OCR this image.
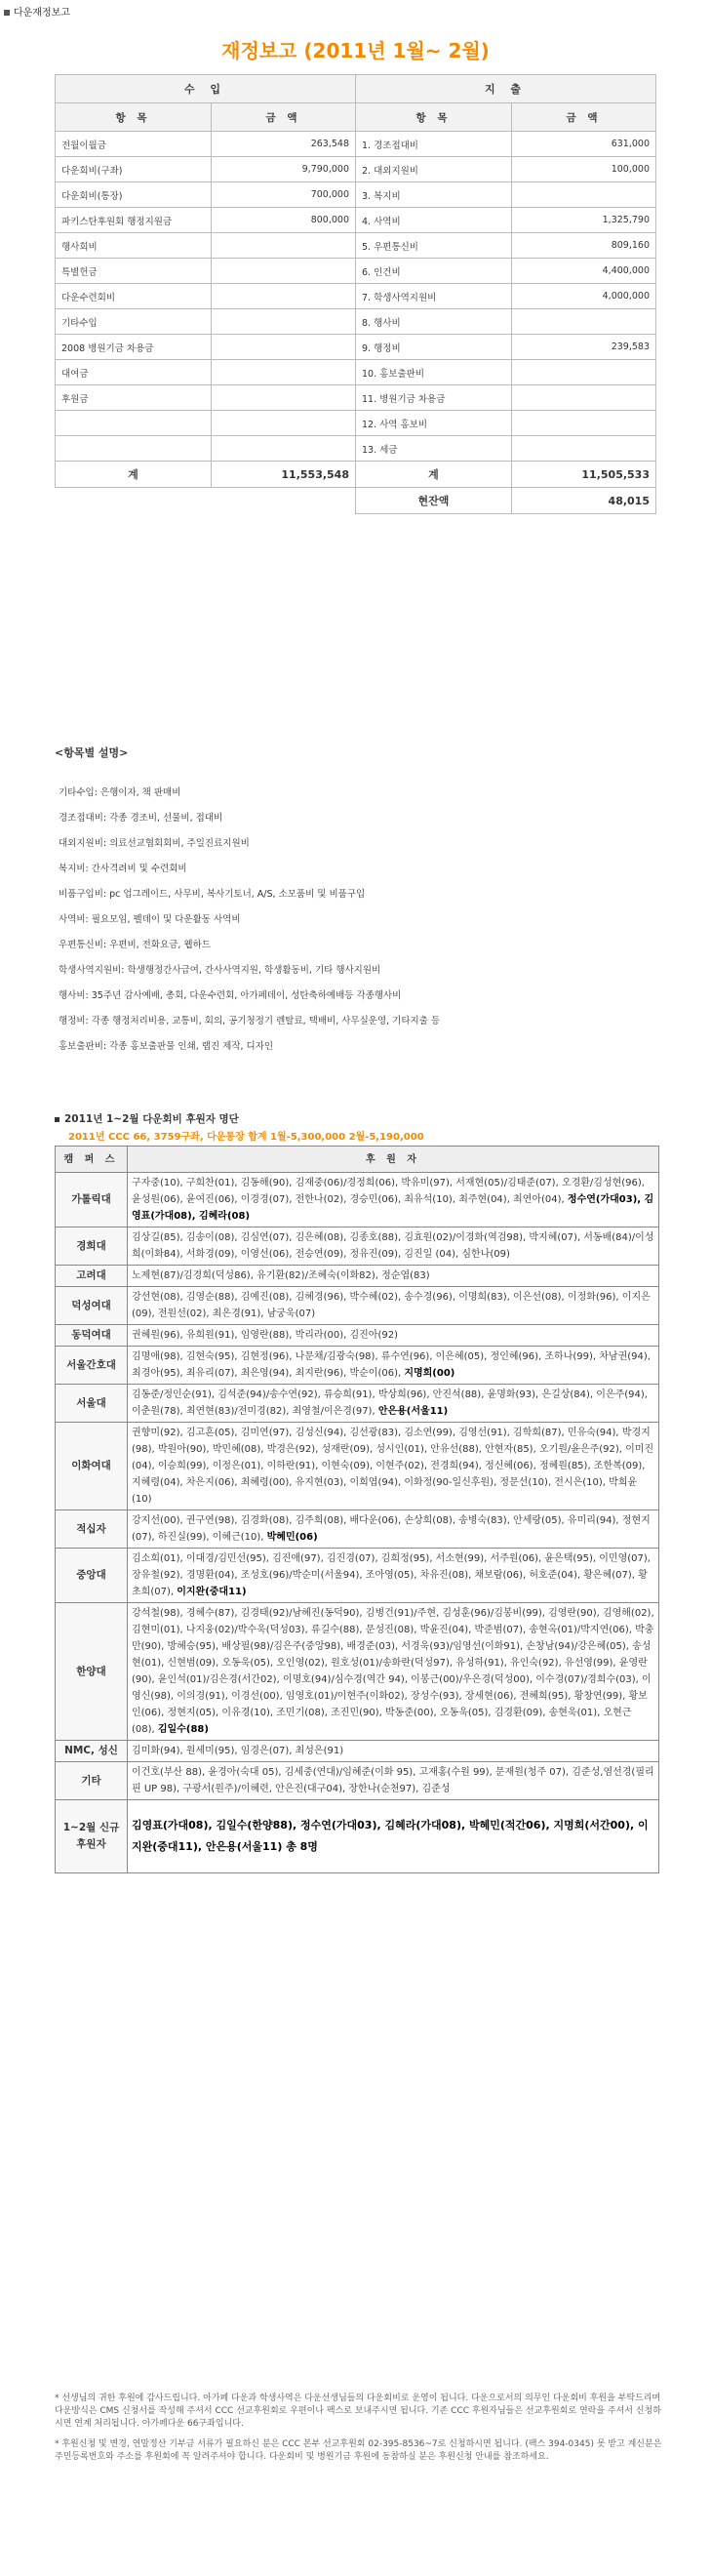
다운재정보고
재정보고 (2011년 1월~ 2월)
수 입		지 출	
항 목	금 액	항 목	금 액
전월이월금	263,548	1. 경조접대비	631,000
다운회비(구좌)	9,790,000	2. 대외지원비	100,000
다운회비(통장)	700,000	3. 복지비	
파키스탄후원회 행정지원금	800,000	4. 사역비	1,325,790
행사회비		5. 우편통신비	809,160
특별헌금		6. 인건비	4,400,000
다운수련회비		7. 학생사역지원비	4,000,000
기타수입		8. 행사비	
2008 병원기금 차용금		9. 행정비	239,583
대여금		10. 홍보출판비	
후원금		11. 병원기금 차용금	
		12. 사역 홍보비	
		13. 세금	
계	11,553,548	계	11,505,533
		현잔액	48,015
<항목별 설명>
기타수입: 은행이자, 책 판매비
경조접대비: 각종 경조비, 선물비, 접대비
대외지원비: 의료선교협회회비, 주일진료지원비
복지비: 간사격려비 및 수련회비
비품구입비: pc 업그레이드, 사무비, 복사기토너, A/S, 소모품비 및 비품구입
사역비: 필요모임, 펠데이 및 다운활동 사역비
우편통신비: 우편비, 전화요금, 웹하드
학생사역지원비: 학생행정간사급여, 간사사역지원, 학생활동비, 기타 행사지원비
행사비: 35주년 감사예배, 총회, 다운수련회, 아가페데이, 성탄축하예배등 각종행사비
행정비: 각종 행정처리비용, 교통비, 회의, 공기청정기 렌탈료, 택배비, 사무실운영, 기타지출 등
홍보출판비: 각종 홍보출판물 인쇄, 랩진 제작, 디자인
2011년 1~2월 다운회비 후원자 명단
2011년 CCC 66, 3759구좌, 다운통장 합계 1월-5,300,000 2월-5,190,000
캠 퍼 스	후 원 자
가톨릭대	구자중(10), 구희찬(01), 김동해(90), 김재중(06)/경정희(06), 박유미(97), 서재현(05)/김태준(07), 오경환/김성현(96), 윤성원(06), 윤여진(06), 이경경(07), 전한나(02), 경승민(06), 최유석(10), 최주현(04), 최연아(04), 정수연(가대03), 김영표(가대08), 김혜라(08)
경희대	김상길(85), 김송이(08), 김심연(07), 김은혜(08), 김종호(88), 김효원(02)/이경화(역검98), 박지혜(07), 서동배(84)/이성희(이화84), 서화경(09), 이영선(06), 전승연(09), 정유진(09), 김진일 (04), 심한나(09)
고려대	노제현(87)/김경희(덕성86), 유기환(82)/조혜숙(이화82), 정순엽(83)
덕성여대	강선현(08), 김영순(88), 김예진(08), 김혜경(96), 박수혜(02), 송수경(96), 이명희(83), 이은선(08), 이정화(96), 이지은(09), 전원선(02), 최은경(91), 남궁욱(07)
동덕여대	권혜원(96), 유희원(91), 임영란(88), 박리라(00), 김진아(92)
서울간호대	김명애(98), 김현숙(95), 김현정(96), 나문채/김광숙(98), 류수연(96), 이은혜(05), 정인혜(96), 조하나(99), 차남권(94), 최경아(95), 최유리(07), 최은영(94), 최지란(96), 박순이(06), 지명희(00)
서울대	김동준/정인순(91), 김석준(94)/송수연(92), 류승희(91), 박상희(96), 안진석(88), 윤명화(93), 은길상(84), 이은주(94), 이춘원(78), 최연현(83)/전미경(82), 최영철/이은경(97), 안은용(서울11)
이화여대	권향미(92), 김고흔(05), 김미연(97), 김성신(94), 김선광(83), 김소연(99), 김영선(91), 김학희(87), 민유숙(94), 박경지(98), 박원아(90), 박민혜(08), 박경은(92), 성재란(09), 성시인(01), 안유선(88), 안현자(85), 오기원/윤은주(92), 이미진(04), 이승희(99), 이정은(01), 이하란(91), 이현숙(09), 이현주(02), 전경희(94), 정신혜(06), 정혜원(85), 조한복(09), 지혜령(04), 차은지(06), 최혜령(00), 유지현(03), 이희엽(94), 이화정(90-일신후원), 정문선(10), 전시은(10), 박희윤(10)
적십자	강지선(00), 권구연(98), 김경화(08), 김주희(08), 배다운(06), 손상희(08), 송병숙(83), 안세랑(05), 유미리(94), 정현지(07), 하진실(99), 이혜근(10), 박혜민(06)
중앙대	김소희(01), 이대경/김민선(95), 김진애(97), 김진경(07), 김희정(95), 서소현(99), 서주원(06), 윤은택(95), 이민영(07), 장유철(92), 경명환(04), 조성호(96)/박순미(서울94), 조아영(05), 차유진(08), 채보람(06), 허호준(04), 황은혜(07), 황초희(07), 이지완(중대11)
한양대	강석철(98), 경혜수(87), 김경태(92)/남혜진(동덕90), 김병건(91)/주현, 김성훈(96)/김봉비(99), 김영란(90), 김영해(02), 김현미(01), 나지웅(02)/박수욱(덕성03), 류길수(88), 문성진(08), 박윤진(04), 박준범(07), 송현옥(01)/박지연(06), 박충만(90), 방혜승(95), 배상필(98)/김은주(중앙98), 배경준(03), 서경욱(93)/임영선(이화91), 손창남(94)/강은혜(05), 송성현(01), 신현범(09), 오동욱(05), 오인영(02), 원호성(01)/송화란(덕성97), 유성하(91), 유인숙(92), 유선영(99), 윤영란(90), 윤인석(01)/김은경(서간02), 이명호(94)/심수경(역간 94), 이봉근(00)/우은경(덕성00), 이수경(07)/경희수(03), 이영신(98), 이의경(91), 이경선(00), 임영호(01)/이현주(이화02), 장성수(93), 장세현(06), 전혜희(95), 황창연(99), 황보인(06), 정현지(05), 이유경(10), 조민기(08), 조진민(90), 박동준(00), 오동욱(05), 김경환(09), 송현욱(01), 오현근(08), 김일수(88)
NMC, 성신	김미화(94), 원세미(95), 임경은(07), 최성은(91)
기타	이건호(부산 88), 윤경아(숙대 05), 김세중(연대)/임혜준(이화 95), 고재홍(수원 99), 문재원(청주 07), 김준성,염선경(필리핀 UP 98), 구광서(원주)/이혜련, 안은진(대구04), 장한나(순천97), 김준성
1~2월 신규후원자	김영표(가대08), 김일수(한양88), 정수연(가대03), 김혜라(가대08), 박혜민(적간06), 지명희(서간00), 이지완(중대11), 안은용(서울11) 총 8명

* 선생님의 귀한 후원에 감사드립니다. 아가페 다운과 학생사역은 다운선생님들의 다운회비로 운영이 됩니다. 다운으로서의 의무인 다운회비 후원을 부탁드리며 다운방식은 CMS 신청서를 작성해 주셔서 CCC 선교후원회로 우편이나 팩스로 보내주시면 됩니다. 기존 CCC 후원자님들은 선교후원회로 연락을 주셔서 신청하시면 연계 처리됩니다. 아가페다운 66구좌입니다.

* 후원신청 및 변경, 연말정산 기부금 서류가 필요하신 분은 CCC 본부 선교후원회 02-395-8536~7로 신청하시면 됩니다. (팩스 394-0345) 못 받고 계신분은 주민등록번호와 주소를 후원회에 꼭 알려주셔야 합니다. 다운회비 및 병원기금 후원에 동참하실 분은 후원신청 안내를 참조하세요.
